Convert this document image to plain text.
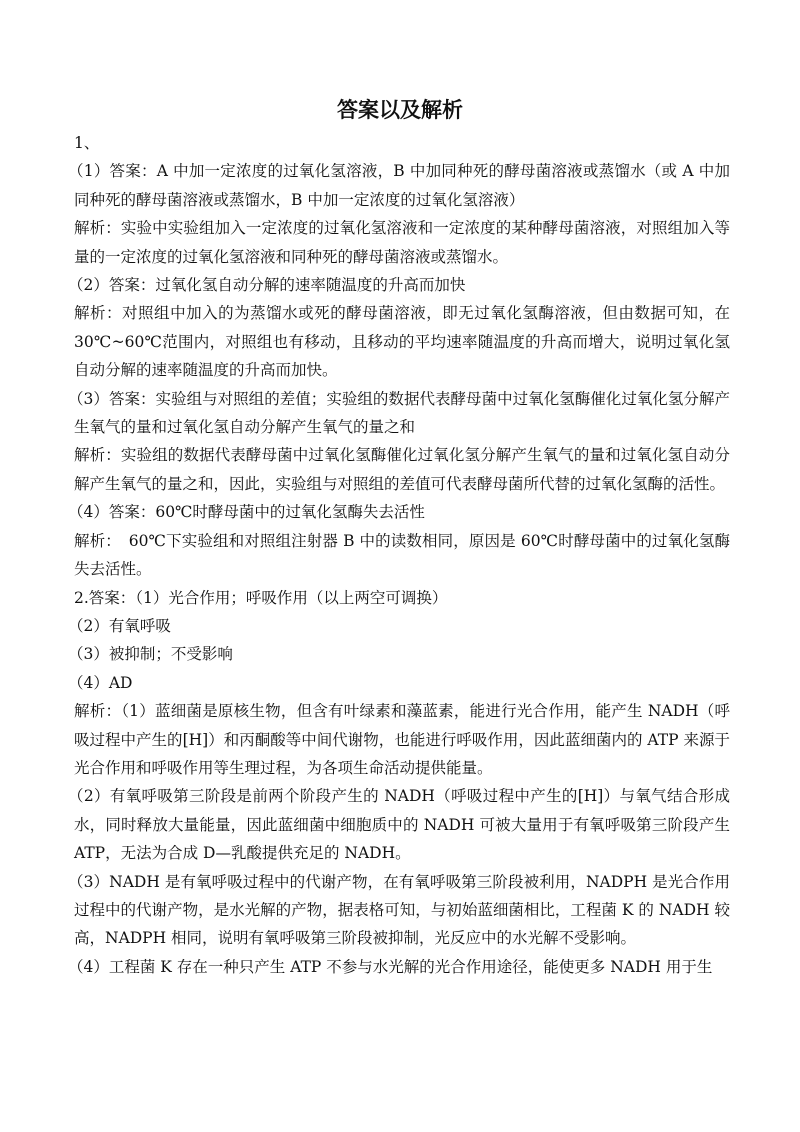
答案以及解析

1、

（1）答案：A 中加一定浓度的过氧化氢溶液，B 中加同种死的酵母菌溶液或蒸馏水（或 A 中加同种死的酵母菌溶液或蒸馏水，B 中加一定浓度的过氧化氢溶液）

解析：实验中实验组加入一定浓度的过氧化氢溶液和一定浓度的某种酵母菌溶液，对照组加入等量的一定浓度的过氧化氢溶液和同种死的酵母菌溶液或蒸馏水。

（2）答案：过氧化氢自动分解的速率随温度的升高而加快

解析：对照组中加入的为蒸馏水或死的酵母菌溶液，即无过氧化氢酶溶液，但由数据可知，在 30℃~60℃范围内，对照组也有移动，且移动的平均速率随温度的升高而增大，说明过氧化氢自动分解的速率随温度的升高而加快。

（3）答案：实验组与对照组的差值；实验组的数据代表酵母菌中过氧化氢酶催化过氧化氢分解产生氧气的量和过氧化氢自动分解产生氧气的量之和

解析：实验组的数据代表酵母菌中过氧化氢酶催化过氧化氢分解产生氧气的量和过氧化氢自动分解产生氧气的量之和，因此，实验组与对照组的差值可代表酵母菌所代替的过氧化氢酶的活性。

（4）答案：60℃时酵母菌中的过氧化氢酶失去活性

解析：　60℃下实验组和对照组注射器 B 中的读数相同，原因是 60℃时酵母菌中的过氧化氢酶失去活性。

2.答案：（1）光合作用；呼吸作用（以上两空可调换）

（2）有氧呼吸

（3）被抑制；不受影响

（4）AD

解析：（1）蓝细菌是原核生物，但含有叶绿素和藻蓝素，能进行光合作用，能产生 NADH（呼吸过程中产生的[H]）和丙酮酸等中间代谢物，也能进行呼吸作用，因此蓝细菌内的 ATP 来源于光合作用和呼吸作用等生理过程，为各项生命活动提供能量。

（2）有氧呼吸第三阶段是前两个阶段产生的 NADH（呼吸过程中产生的[H]）与氧气结合形成水，同时释放大量能量，因此蓝细菌中细胞质中的 NADH 可被大量用于有氧呼吸第三阶段产生 ATP，无法为合成 D—乳酸提供充足的 NADH。

（3）NADH 是有氧呼吸过程中的代谢产物，在有氧呼吸第三阶段被利用，NADPH 是光合作用过程中的代谢产物，是水光解的产物，据表格可知，与初始蓝细菌相比，工程菌 K 的 NADH 较高，NADPH 相同，说明有氧呼吸第三阶段被抑制，光反应中的水光解不受影响。

（4）工程菌 K 存在一种只产生 ATP 不参与水光解的光合作用途径，能使更多 NADH 用于生
